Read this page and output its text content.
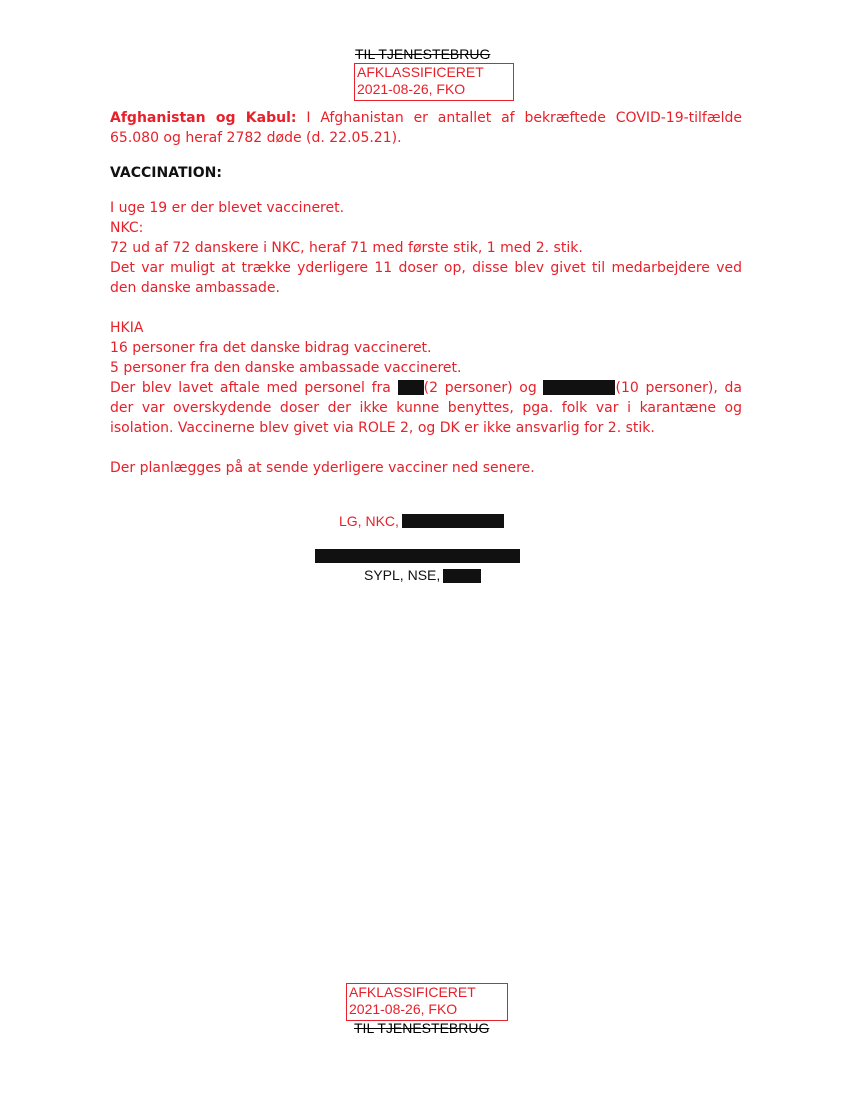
TIL TJENESTEBRUG
AFKLASSIFICERET
2021-08-26, FKO
Afghanistan og Kabul: I Afghanistan er antallet af bekræftede COVID-19-tilfælde 65.080 og heraf 2782 døde (d. 22.05.21).
VACCINATION:
I uge 19 er der blevet vaccineret.
NKC:
72 ud af 72 danskere i NKC, heraf 71 med første stik, 1 med 2. stik.
Det var muligt at trække yderligere 11 doser op, disse blev givet til medarbejdere ved den danske ambassade.
HKIA
16 personer fra det danske bidrag vaccineret.
5 personer fra den danske ambassade vaccineret.
Der blev lavet aftale med personel fra (2 personer) og	(10 personer), da der var overskydende doser der ikke kunne benyttes, pga. folk var i karantæne og isolation. Vaccinerne blev givet via ROLE 2, og DK er ikke ansvarlig for 2. stik.
Der planlægges på at sende yderligere vacciner ned senere.
LG, NKC,
SYPL, NSE,
AFKLASSIFICERET
2021-08-26, FKO
TIL TJENESTEBRUG
